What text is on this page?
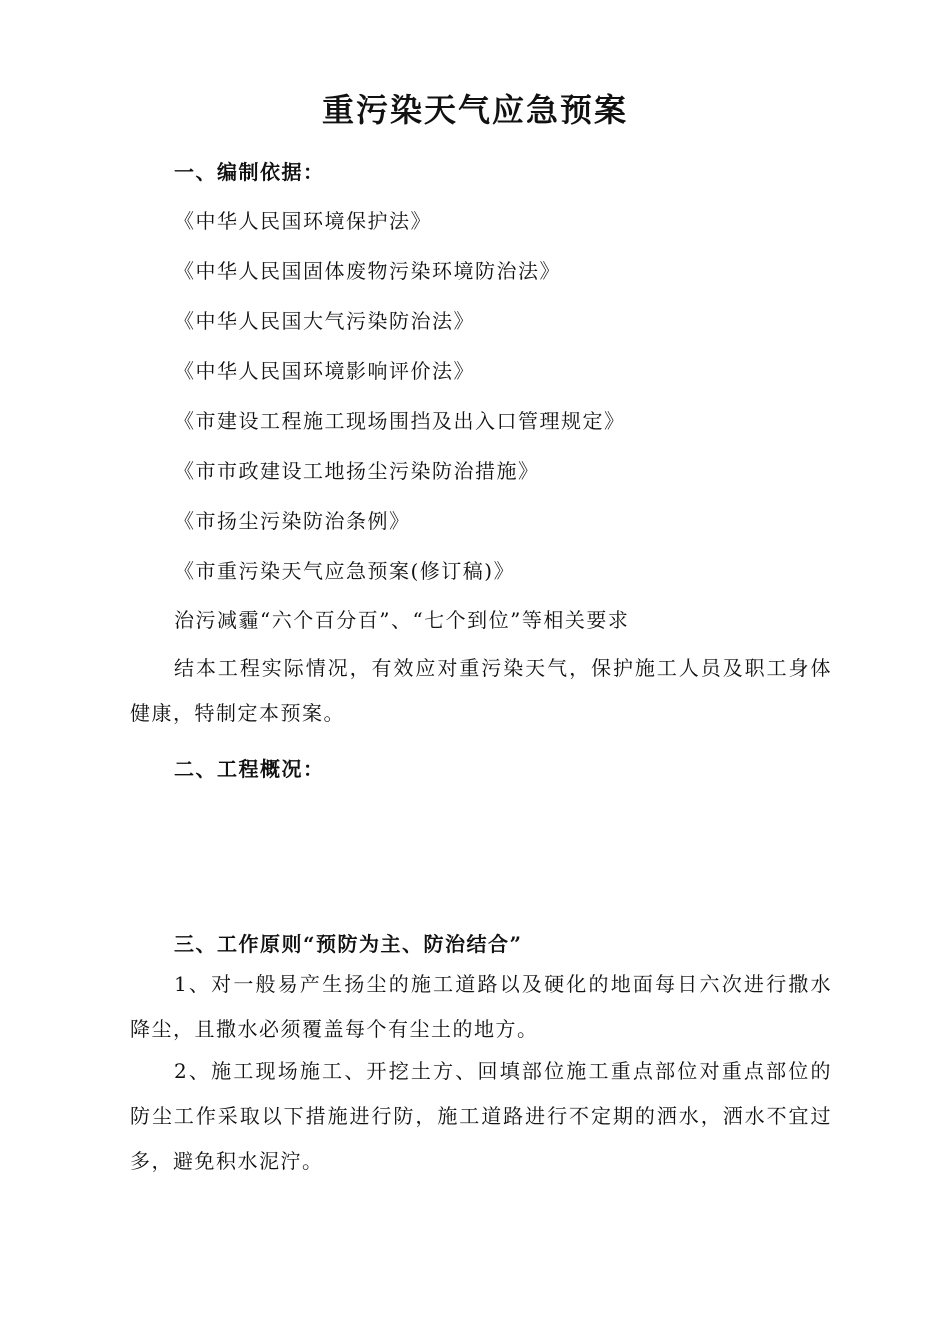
重污染天气应急预案
一、编制依据：
《中华人民国环境保护法》
《中华人民国固体废物污染环境防治法》
《中华人民国大气污染防治法》
《中华人民国环境影响评价法》
《市建设工程施工现场围挡及出入口管理规定》
《市市政建设工地扬尘污染防治措施》
《市扬尘污染防治条例》
《市重污染天气应急预案(修订稿)》
治污减霾“六个百分百”、“七个到位”等相关要求
结本工程实际情况，有效应对重污染天气，保护施工人员及职工身体健康，特制定本预案。
二、工程概况：
三、工作原则“预防为主、防治结合”
1、对一般易产生扬尘的施工道路以及硬化的地面每日六次进行撒水降尘，且撒水必须覆盖每个有尘土的地方。
2、施工现场施工、开挖土方、回填部位施工重点部位对重点部位的防尘工作采取以下措施进行防，施工道路进行不定期的洒水，洒水不宜过多，避免积水泥泞。
